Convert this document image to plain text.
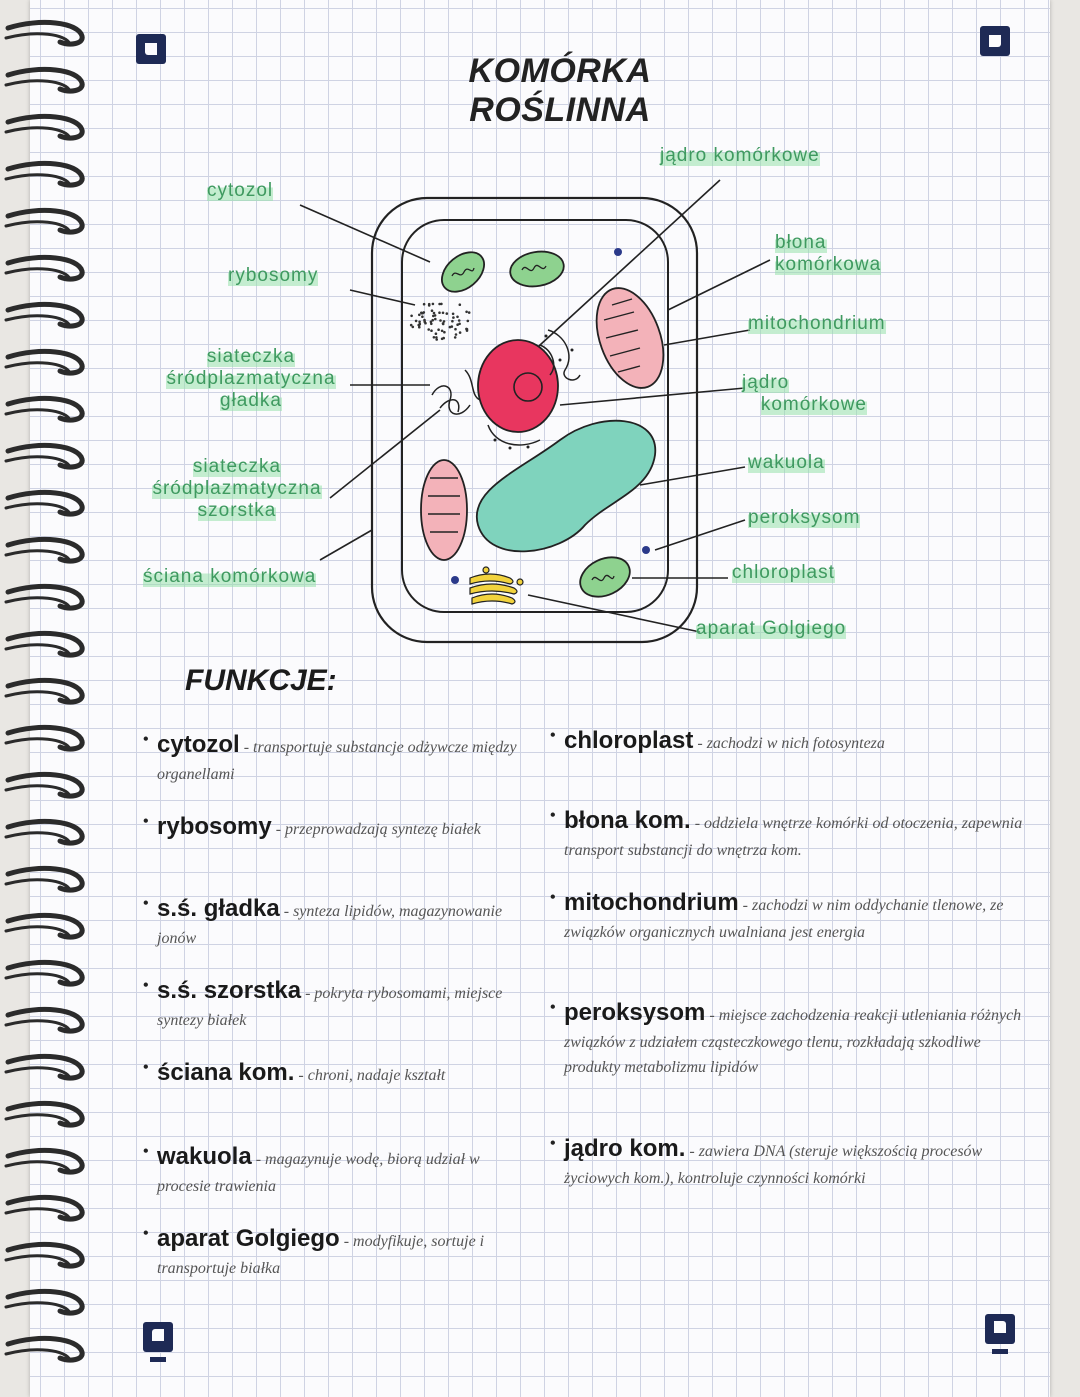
KOMÓRKA ROŚLINNA
cytozol
rybosomy
siateczka
śródplazmatyczna
gładka
siateczka
śródplazmatyczna
szorstka
ściana komórkowa
jądro komórkowe
błona
komórkowa
mitochondrium
jądro
komórkowe
wakuola
peroksysom
chloroplast
aparat Golgiego
FUNKCJE:
• cytozol - transportuje substancje odżywcze między organellami
• rybosomy - przeprowadzają syntezę białek
• s.ś. gładka - synteza lipidów, magazynowanie jonów
• s.ś. szorstka - pokryta rybosomami, miejsce syntezy białek
• ściana kom. - chroni, nadaje kształt
• wakuola - magazynuje wodę, biorą udział w procesie trawienia
• aparat Golgiego - modyfikuje, sortuje i transportuje białka
• chloroplast - zachodzi w nich fotosynteza
• błona kom. - oddziela wnętrze komórki od otoczenia, zapewnia transport substancji do wnętrza kom.
• mitochondrium - zachodzi w nim oddychanie tlenowe, ze związków organicznych uwalniana jest energia
• peroksysom - miejsce zachodzenia reakcji utleniania różnych związków z udziałem cząsteczkowego tlenu, rozkładają szkodliwe produkty metabolizmu lipidów
• jądro kom. - zawiera DNA (steruje większością procesów życiowych kom.), kontroluje czynności komórki
